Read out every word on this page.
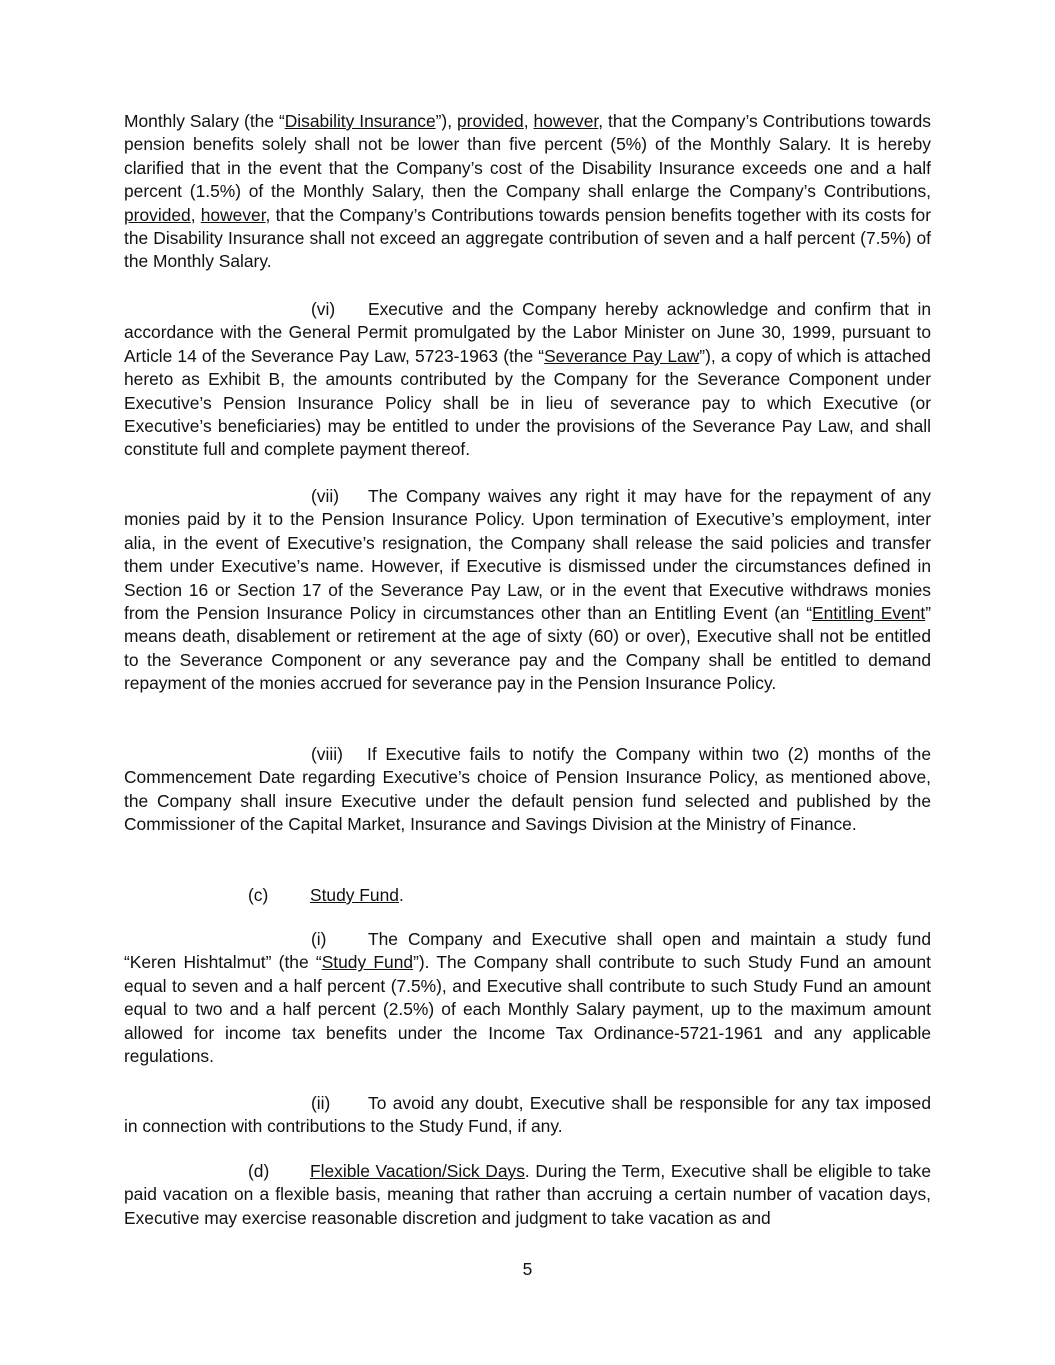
Monthly Salary (the “Disability Insurance”), provided, however, that the Company’s Contributions towards pension benefits solely shall not be lower than five percent (5%) of the Monthly Salary. It is hereby clarified that in the event that the Company’s cost of the Disability Insurance exceeds one and a half percent (1.5%) of the Monthly Salary, then the Company shall enlarge the Company’s Contributions, provided, however, that the Company’s Contributions towards pension benefits together with its costs for the Disability Insurance shall not exceed an aggregate contribution of seven and a half percent (7.5%) of the Monthly Salary.

(vi) Executive and the Company hereby acknowledge and confirm that in accordance with the General Permit promulgated by the Labor Minister on June 30, 1999, pursuant to Article 14 of the Severance Pay Law, 5723-1963 (the “Severance Pay Law”), a copy of which is attached hereto as Exhibit B, the amounts contributed by the Company for the Severance Component under Executive’s Pension Insurance Policy shall be in lieu of severance pay to which Executive (or Executive’s beneficiaries) may be entitled to under the provisions of the Severance Pay Law, and shall constitute full and complete payment thereof.

(vii) The Company waives any right it may have for the repayment of any monies paid by it to the Pension Insurance Policy. Upon termination of Executive’s employment, inter alia, in the event of Executive’s resignation, the Company shall release the said policies and transfer them under Executive’s name. However, if Executive is dismissed under the circumstances defined in Section 16 or Section 17 of the Severance Pay Law, or in the event that Executive withdraws monies from the Pension Insurance Policy in circumstances other than an Entitling Event (an “Entitling Event” means death, disablement or retirement at the age of sixty (60) or over), Executive shall not be entitled to the Severance Component or any severance pay and the Company shall be entitled to demand repayment of the monies accrued for severance pay in the Pension Insurance Policy.

(viii) If Executive fails to notify the Company within two (2) months of the Commencement Date regarding Executive’s choice of Pension Insurance Policy, as mentioned above, the Company shall insure Executive under the default pension fund selected and published by the Commissioner of the Capital Market, Insurance and Savings Division at the Ministry of Finance.

(c) Study Fund.

(i) The Company and Executive shall open and maintain a study fund “Keren Hishtalmut” (the “Study Fund”). The Company shall contribute to such Study Fund an amount equal to seven and a half percent (7.5%), and Executive shall contribute to such Study Fund an amount equal to two and a half percent (2.5%) of each Monthly Salary payment, up to the maximum amount allowed for income tax benefits under the Income Tax Ordinance-5721-1961 and any applicable regulations.

(ii) To avoid any doubt, Executive shall be responsible for any tax imposed in connection with contributions to the Study Fund, if any.

(d) Flexible Vacation/Sick Days. During the Term, Executive shall be eligible to take paid vacation on a flexible basis, meaning that rather than accruing a certain number of vacation days, Executive may exercise reasonable discretion and judgment to take vacation as and

5
